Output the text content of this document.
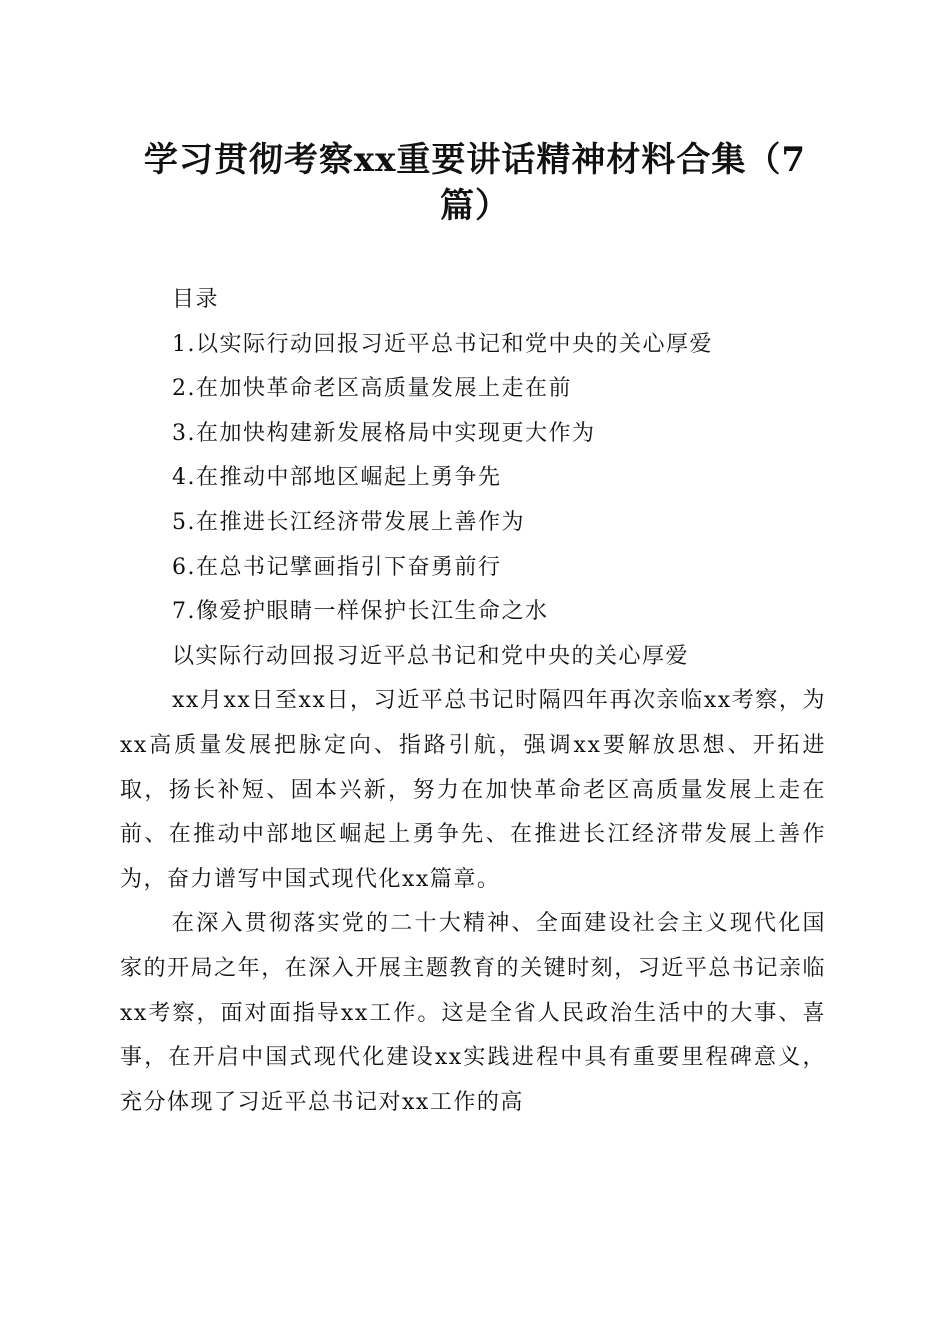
学习贯彻考察xx重要讲话精神材料合集（7篇）

目录

1.以实际行动回报习近平总书记和党中央的关心厚爱

2.在加快革命老区高质量发展上走在前

3.在加快构建新发展格局中实现更大作为

4.在推动中部地区崛起上勇争先

5.在推进长江经济带发展上善作为

6.在总书记擘画指引下奋勇前行

7.像爱护眼睛一样保护长江生命之水

以实际行动回报习近平总书记和党中央的关心厚爱

xx月xx日至xx日，习近平总书记时隔四年再次亲临xx考察，为xx高质量发展把脉定向、指路引航，强调xx要解放思想、开拓进取，扬长补短、固本兴新，努力在加快革命老区高质量发展上走在前、在推动中部地区崛起上勇争先、在推进长江经济带发展上善作为，奋力谱写中国式现代化xx篇章。

在深入贯彻落实党的二十大精神、全面建设社会主义现代化国家的开局之年，在深入开展主题教育的关键时刻，习近平总书记亲临xx考察，面对面指导xx工作。这是全省人民政治生活中的大事、喜事，在开启中国式现代化建设xx实践进程中具有重要里程碑意义，充分体现了习近平总书记对xx工作的高
